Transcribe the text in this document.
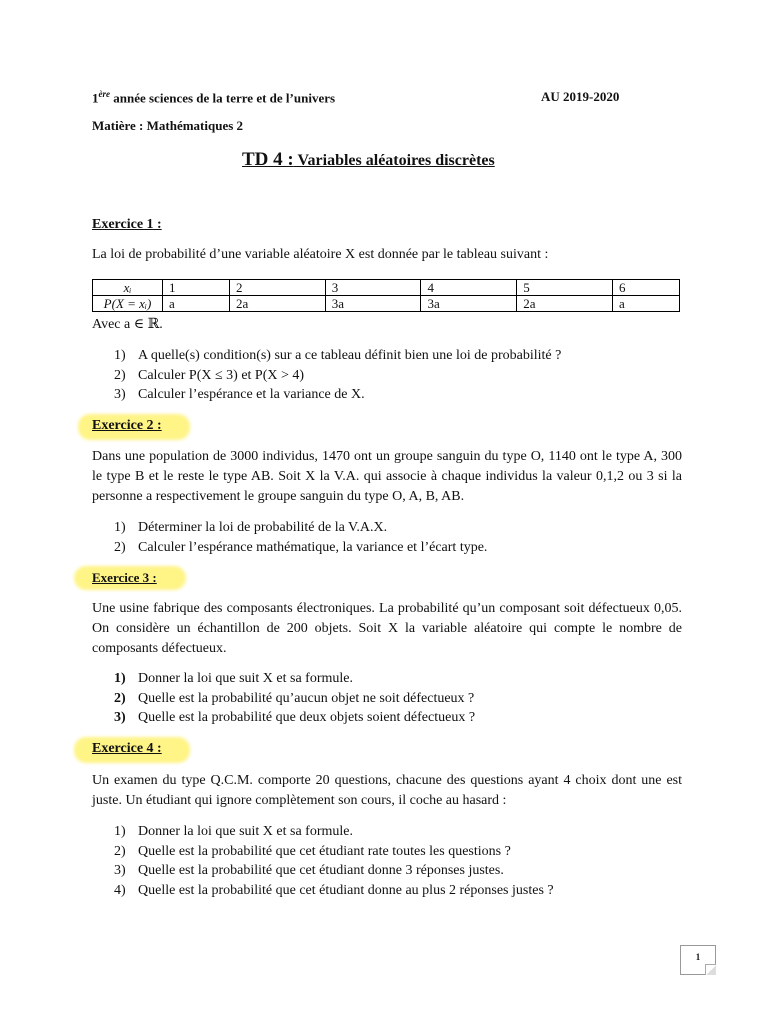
1ère année sciences de la terre et de l’univers	AU 2019-2020
Matière : Mathématiques 2
TD 4 : Variables aléatoires discrètes
Exercice 1 :
La loi de probabilité d’une variable aléatoire X est donnée par le tableau suivant :
xᵢ	1	2	3	4	5	6
P(X = xᵢ)	a	2a	3a	3a	2a	a
Avec a ∈ ℝ.
1) A quelle(s) condition(s) sur a ce tableau définit bien une loi de probabilité ?
2) Calculer P(X ≤ 3) et P(X > 4)
3) Calculer l’espérance et la variance de X.
Exercice 2 :
Dans une population de 3000 individus, 1470 ont un groupe sanguin du type O, 1140 ont le type A, 300 le type B et le reste le type AB. Soit X la V.A. qui associe à chaque individus la valeur 0,1,2 ou 3 si la personne a respectivement le groupe sanguin du type O, A, B, AB.
1) Déterminer la loi de probabilité de la V.A.X.
2) Calculer l’espérance mathématique, la variance et l’écart type.
Exercice 3 :
Une usine fabrique des composants électroniques. La probabilité qu’un composant soit défectueux 0,05. On considère un échantillon de 200 objets. Soit X la variable aléatoire qui compte le nombre de composants défectueux.
1) Donner la loi que suit X et sa formule.
2) Quelle est la probabilité qu’aucun objet ne soit défectueux ?
3) Quelle est la probabilité que deux objets soient défectueux ?
Exercice 4 :
Un examen du type Q.C.M. comporte 20 questions, chacune des questions ayant 4 choix dont une est juste. Un étudiant qui ignore complètement son cours, il coche au hasard :
1) Donner la loi que suit X et sa formule.
2) Quelle est la probabilité que cet étudiant rate toutes les questions ?
3) Quelle est la probabilité que cet étudiant donne 3 réponses justes.
4) Quelle est la probabilité que cet étudiant donne au plus 2 réponses justes ?
1
